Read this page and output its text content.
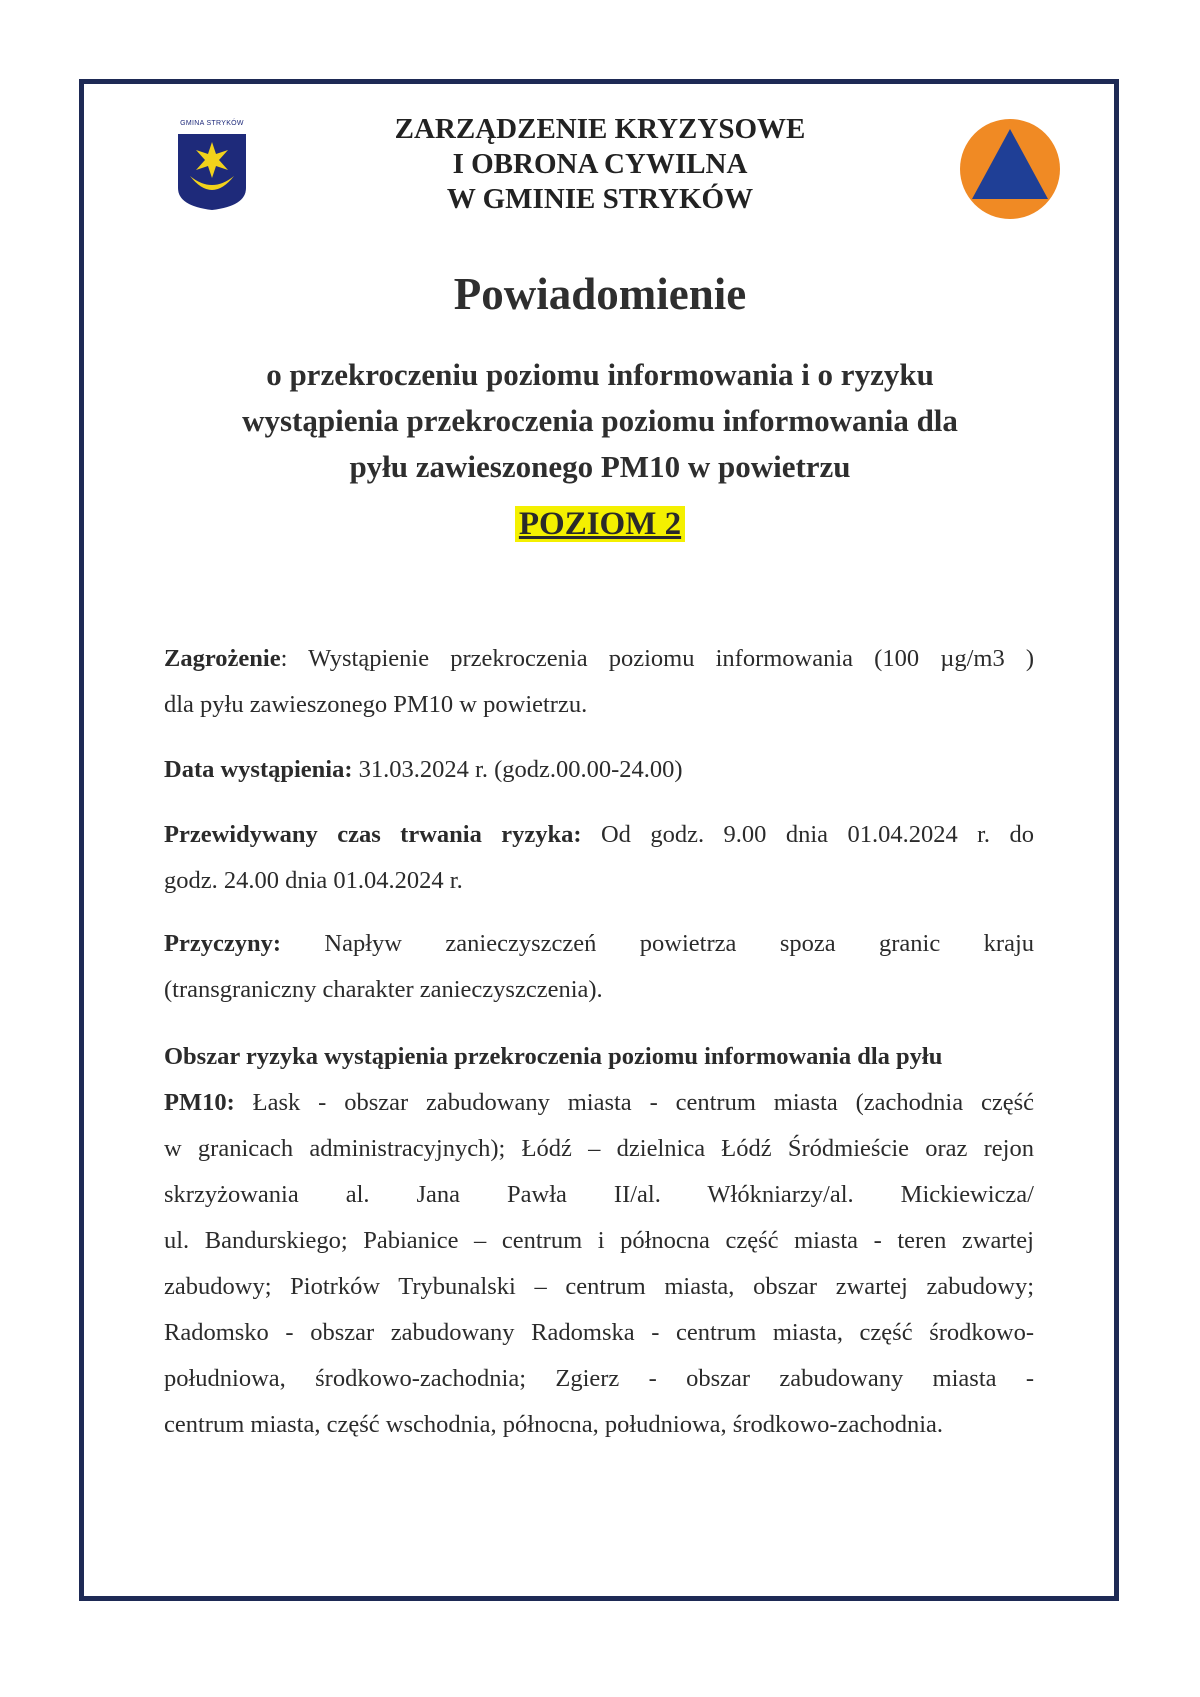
GMINA STRYKÓW	ZARZĄDZENIE KRYZYSOWE
I OBRONA CYWILNA
W GMINIE STRYKÓW
Powiadomienie
o przekroczeniu poziomu informowania i o ryzyku
wystąpienia przekroczenia poziomu informowania dla
pyłu zawieszonego PM10 w powietrzu
POZIOM 2
Zagrożenie: Wystąpienie przekroczenia poziomu informowania (100 µg/m3 )
dla pyłu zawieszonego PM10 w powietrzu.
Data wystąpienia: 31.03.2024 r. (godz.00.00-24.00)
Przewidywany czas trwania ryzyka: Od godz. 9.00 dnia 01.04.2024 r. do
godz. 24.00 dnia 01.04.2024 r.
Przyczyny: Napływ zanieczyszczeń powietrza spoza granic kraju
(transgraniczny charakter zanieczyszczenia).
Obszar ryzyka wystąpienia przekroczenia poziomu informowania dla pyłu
PM10: Łask - obszar zabudowany miasta - centrum miasta (zachodnia część
w granicach administracyjnych); Łódź – dzielnica Łódź Śródmieście oraz rejon
skrzyżowania al. Jana Pawła II/al. Włókniarzy/al. Mickiewicza/
ul. Bandurskiego; Pabianice – centrum i północna część miasta - teren zwartej
zabudowy; Piotrków Trybunalski – centrum miasta, obszar zwartej zabudowy;
Radomsko - obszar zabudowany Radomska - centrum miasta, część środkowo-
południowa, środkowo-zachodnia; Zgierz - obszar zabudowany miasta -
centrum miasta, część wschodnia, północna, południowa, środkowo-zachodnia.
